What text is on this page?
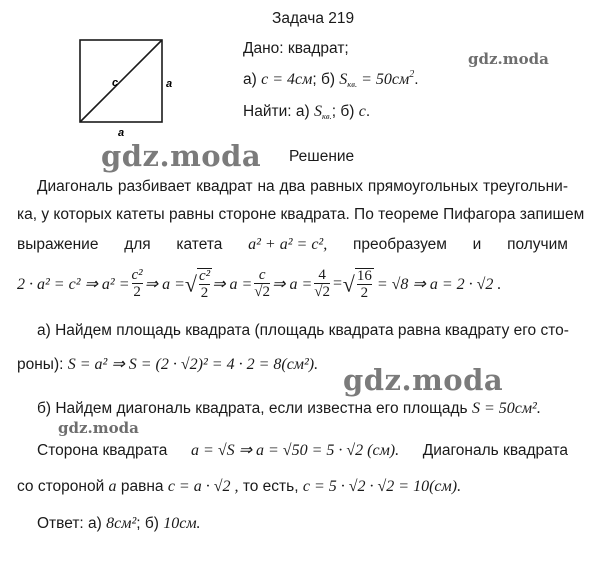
Задача 219
c	a
a
Дано: квадрат;
а) c = 4см; б) $S_{кв.} = 50см^2$.
Найти: а) $S_{кв.}$; б) c.
gdz.moda
gdz.moda
gdz.moda
gdz.moda
Решение
Диагональ разбивает квадрат на два равных прямоугольных треугольни-
ка, у которых катеты равны стороне квадрата. По теореме Пифагора запишем
выражение для катета a² + a² = c², преобразуем и получим
2 · a² = c² ⇒ $a^2 = \frac{\text{c²}}{2}$ ⇒ a = √ $\frac{\text{c²}}{2}$ ⇒ $a = \frac{c}{√2}$ ⇒ $a = \frac{4}{√2}$ = √ $\frac{16}{2} = √8$ ⇒ a = 2 · √2 .
а) Найдем площадь квадрата (площадь квадрата равна квадрату его сто-
роны): S = a² ⇒ S = (2 · √2)² = 4 · 2 = 8(см²).
б) Найдем диагональ квадрата, если известна его площадь S = 50см².
Сторона квадрата a = √S ⇒ a = √50 = 5 · √2 (см). Диагональ квадрата
со стороной a равна c = a · √2 , то есть, c = 5 · √2 · √2 = 10(см).
Ответ: а) 8см²; б) 10см.
